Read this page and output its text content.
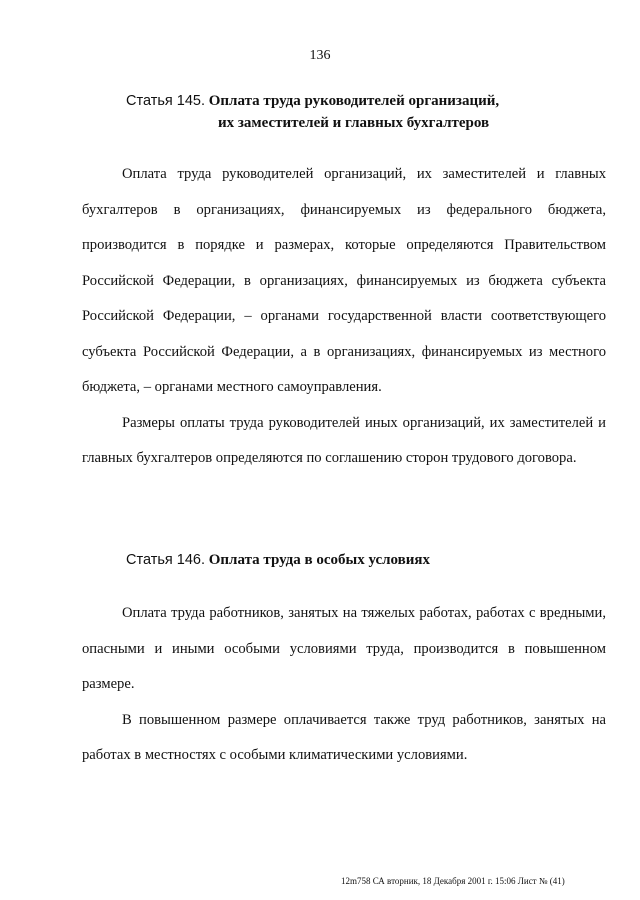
136
Статья 145. Оплата труда руководителей организаций,
их заместителей и главных бухгалтеров

Оплата труда руководителей организаций, их заместителей и главных бухгалтеров в организациях, финансируемых из федерального бюджета, производится в порядке и размерах, которые определяются Правительством Российской Федерации, в организациях, финансируемых из бюджета субъекта Российской Федерации, – органами государственной власти соответствующего субъекта Российской Федерации, а в организациях, финансируемых из местного бюджета, – органами местного самоуправления.

Размеры оплаты труда руководителей иных организаций, их заместителей и главных бухгалтеров определяются по соглашению сторон трудового договора.

Статья 146. Оплата труда в особых условиях

Оплата труда работников, занятых на тяжелых работах, работах с вредными, опасными и иными особыми условиями труда, производится в повышенном размере.

В повышенном размере оплачивается также труд работников, занятых на работах в местностях с особыми климатическими условиями.

12m758 СА вторник, 18 Декабря 2001 г. 15:06 Лист № (41)
